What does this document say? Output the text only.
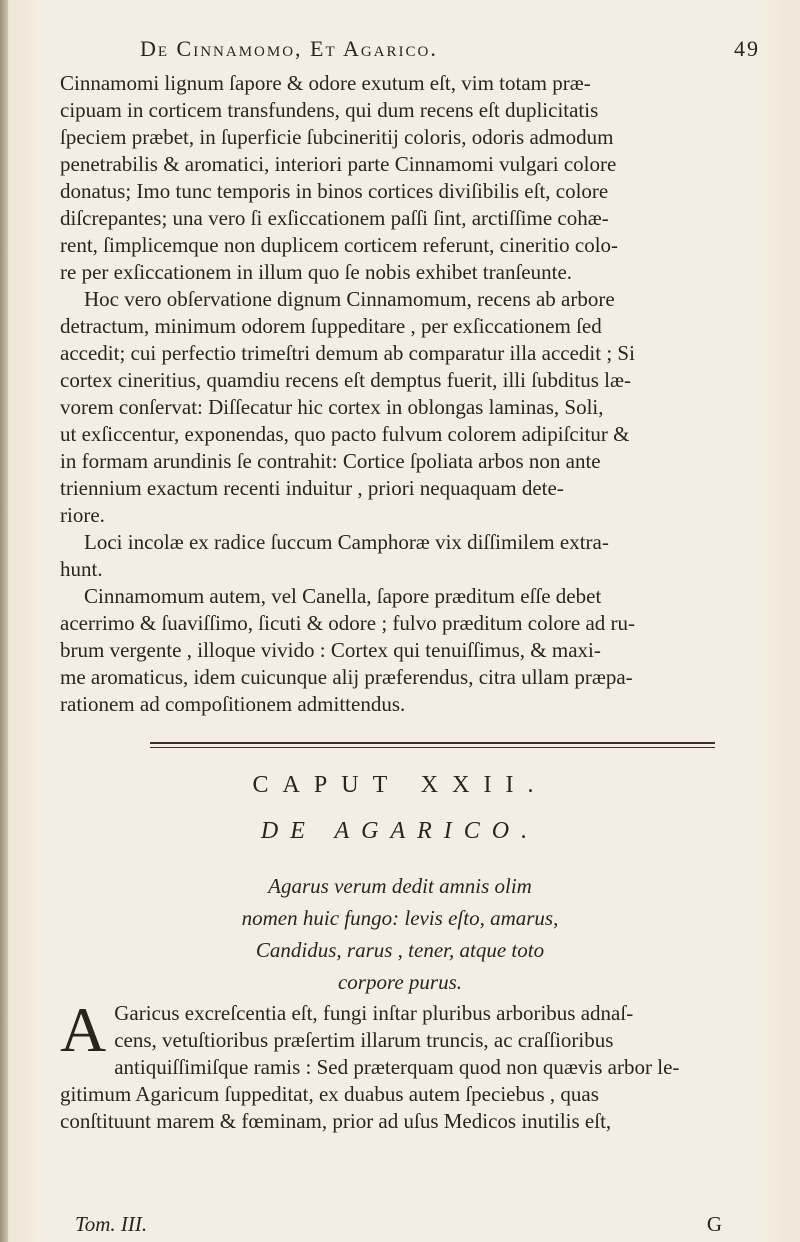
De Cinnamomo, Et Agarico.	49

Cinnamomi lignum ſapore & odore exutum eſt, vim totam præ-
cipuam in corticem transfundens, qui dum recens eſt duplicitatis
ſpeciem præbet, in ſuperficie ſubcineritij coloris, odoris admodum
penetrabilis & aromatici, interiori parte Cinnamomi vulgari colore
donatus; Imo tunc temporis in binos cortices diviſibilis eſt, colore
diſcrepantes; una vero ſi exſiccationem paſſi ſint, arctiſſime cohæ-
rent, ſimplicemque non duplicem corticem referunt, cineritio colo-
re per exſiccationem in illum quo ſe nobis exhibet tranſeunte.

Hoc vero obſervatione dignum Cinnamomum, recens ab arbore
detractum, minimum odorem ſuppeditare , per exſiccationem ſed
accedit; cui perfectio trimeſtri demum ab comparatur illa accedit ; Si
cortex cineritius, quamdiu recens eſt demptus fuerit, illi ſubditus læ-
vorem conſervat: Diſſecatur hic cortex in oblongas laminas, Soli,
ut exſiccentur, exponendas, quo pacto fulvum colorem adipiſcitur &
in formam arundinis ſe contrahit: Cortice ſpoliata arbos non ante
triennium exactum recenti induitur , priori nequaquam dete-
riore.

Loci incolæ ex radice ſuccum Camphoræ vix diſſimilem extra-
hunt.

Cinnamomum autem, vel Canella, ſapore præditum eſſe debet
acerrimo & ſuaviſſimo, ſicuti & odore ; fulvo præditum colore ad ru-
brum vergente , illoque vivido : Cortex qui tenuiſſimus, & maxi-
me aromaticus, idem cuicunque alij præferendus, citra ullam præpa-
rationem ad compoſitionem admittendus.

CAPUT XXII.
DE AGARICO.
Agarus verum dedit amnis olim
nomen huic fungo: levis eſto, amarus,
Candidus, rarus , tener, atque toto
corpore purus.
A Garicus excreſcentia eſt, fungi inſtar pluribus arboribus adnaſ-
cens, vetuſtioribus præſertim illarum truncis, ac craſſioribus
antiquiſſimiſque ramis : Sed præterquam quod non quævis arbor le-
gitimum Agaricum ſuppeditat, ex duabus autem ſpeciebus , quas
conſtituunt marem & fœminam, prior ad uſus Medicos inutilis eſt,
Tom. III.	G
